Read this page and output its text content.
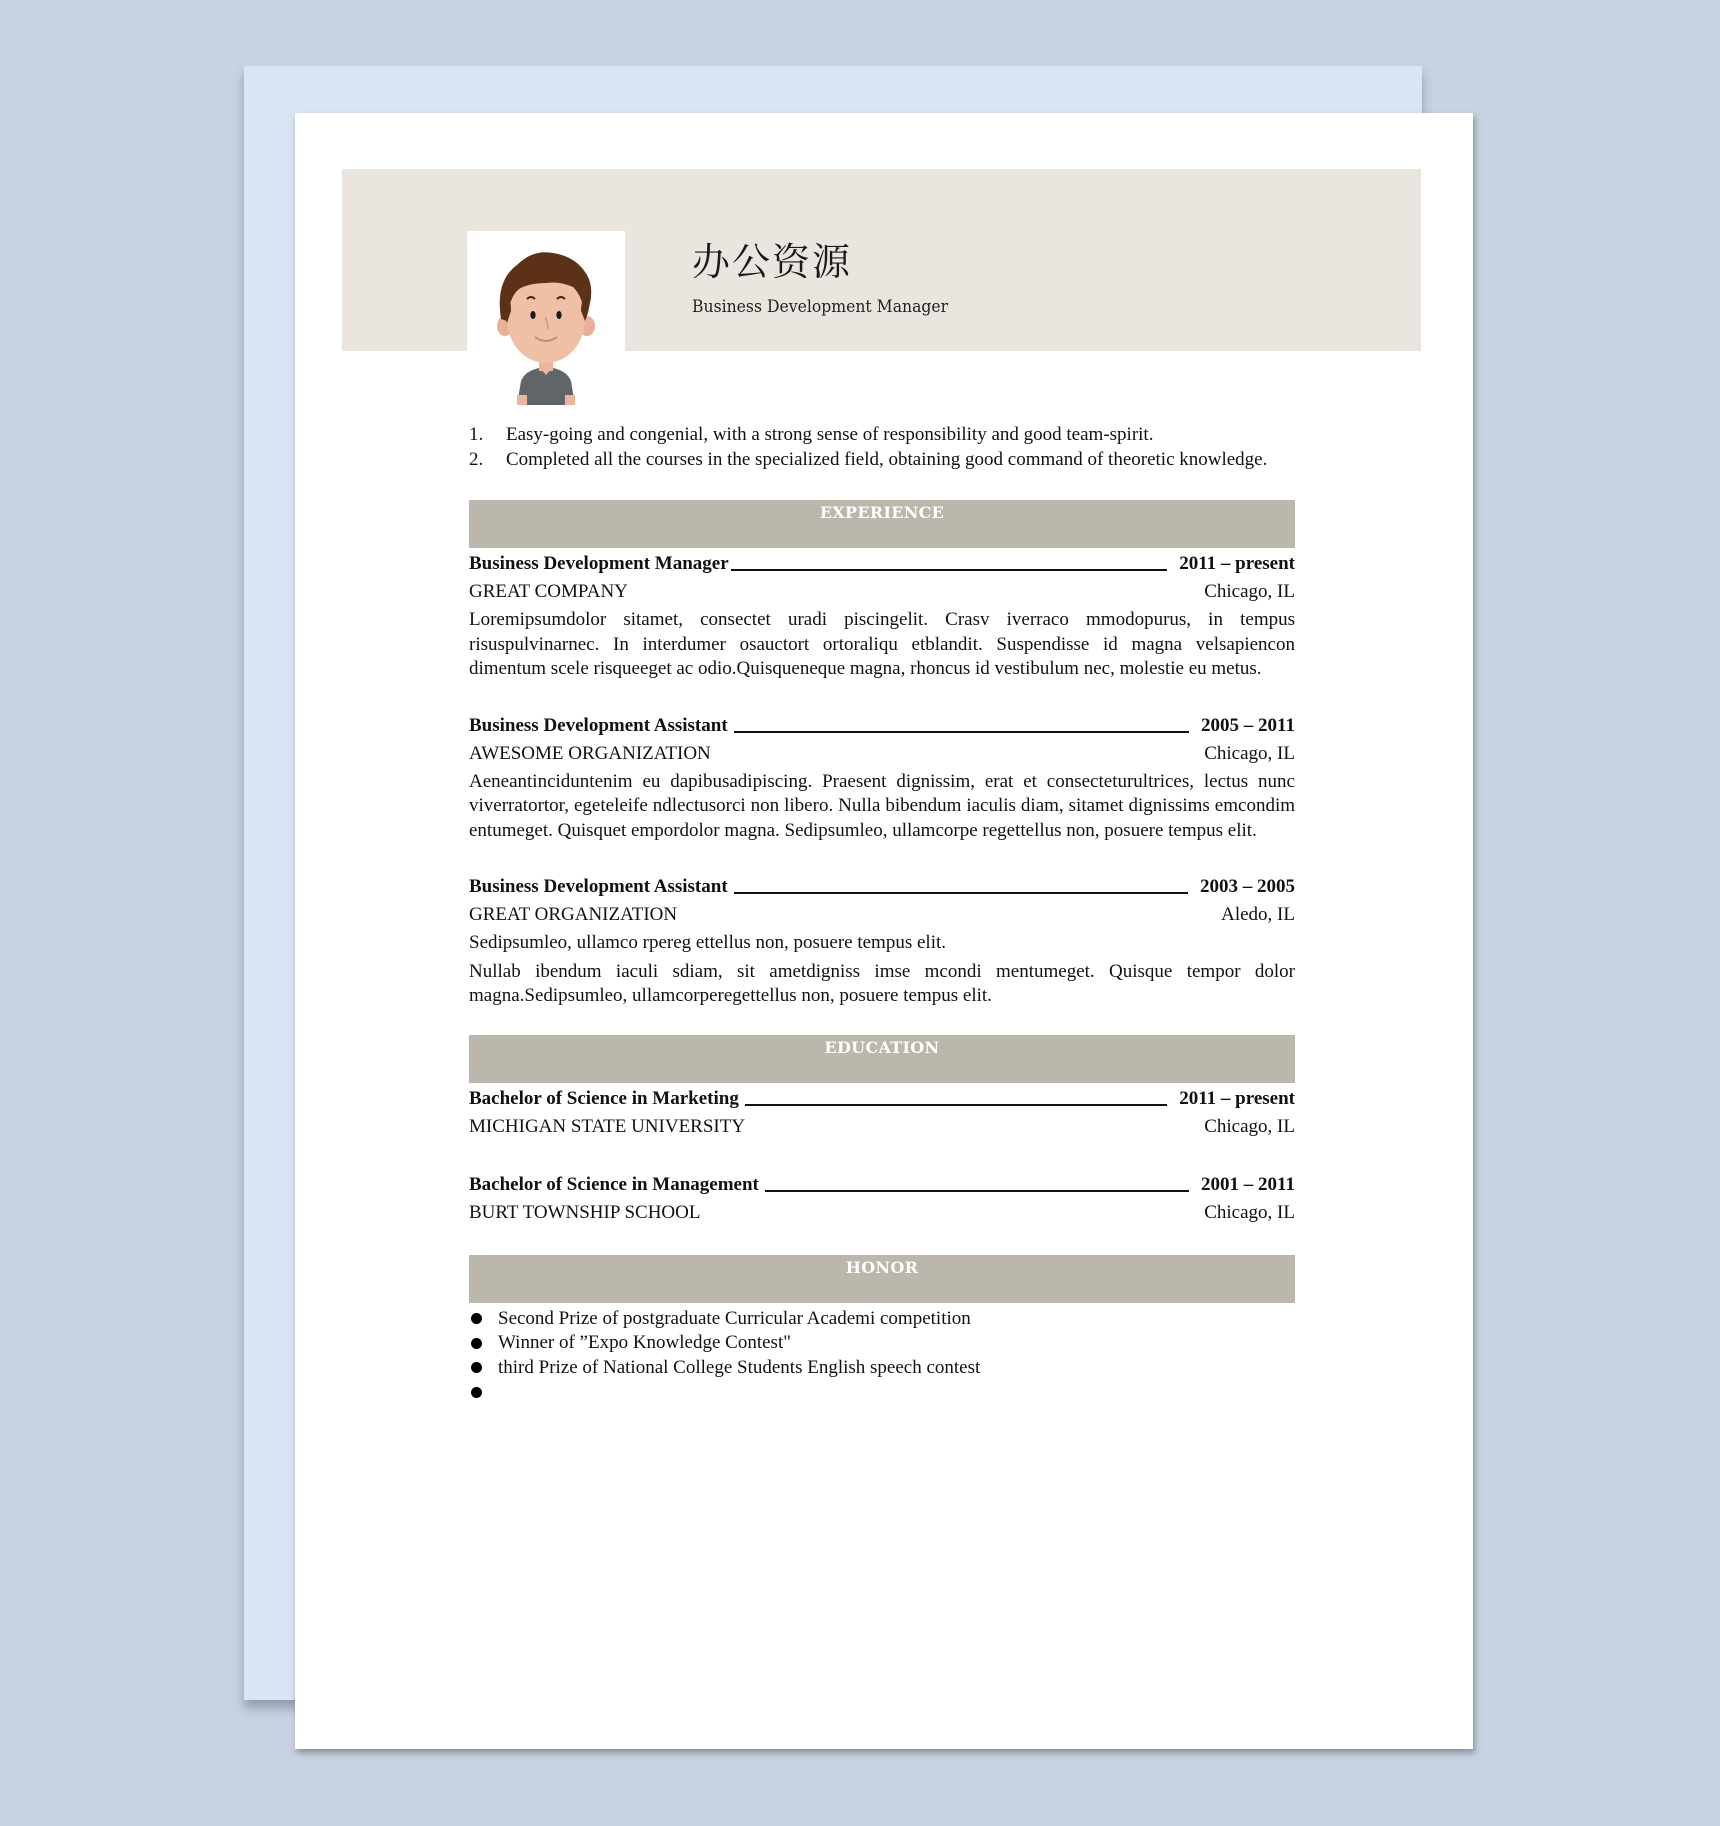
办公资源
Business Development Manager
1.	Easy-going and congenial, with a strong sense of responsibility and good team-spirit.
2.	Completed all the courses in the specialized field, obtaining good command of theoretic knowledge.
EXPERIENCE
Business Development Manager	2011 – present
GREAT COMPANY	Chicago, IL

Loremipsumdolor sitamet, consectet uradi piscingelit. Crasv iverraco mmodopurus, in tempus risuspulvinarnec. In interdumer osauctort ortoraliqu etblandit. Suspendisse id magna velsapiencon dimentum scele risqueeget ac odio.Quisqueneque magna, rhoncus id vestibulum nec, molestie eu metus.

Business Development Assistant	2005 – 2011
AWESOME ORGANIZATION	Chicago, IL

Aeneantinciduntenim eu dapibusadipiscing. Praesent dignissim, erat et consecteturultrices, lectus nunc viverratortor, egeteleife ndlectusorci non libero. Nulla bibendum iaculis diam, sitamet dignissims emcondim entumeget. Quisquet empordolor magna. Sedipsumleo, ullamcorpe regettellus non, posuere tempus elit.

Business Development Assistant	2003 – 2005
GREAT ORGANIZATION	Aledo, IL

Sedipsumleo, ullamco rpereg ettellus non, posuere tempus elit.

Nullab ibendum iaculi sdiam, sit ametdigniss imse mcondi mentumeget. Quisque tempor dolor magna.Sedipsumleo, ullamcorperegettellus non, posuere tempus elit.

EDUCATION
Bachelor of Science in Marketing	2011 – present
MICHIGAN STATE UNIVERSITY	Chicago, IL
Bachelor of Science in Management	2001 – 2011
BURT TOWNSHIP SCHOOL	Chicago, IL
HONOR
Second Prize of postgraduate Curricular Academi competition
Winner of ”Expo Knowledge Contest"
third Prize of National College Students English speech contest
